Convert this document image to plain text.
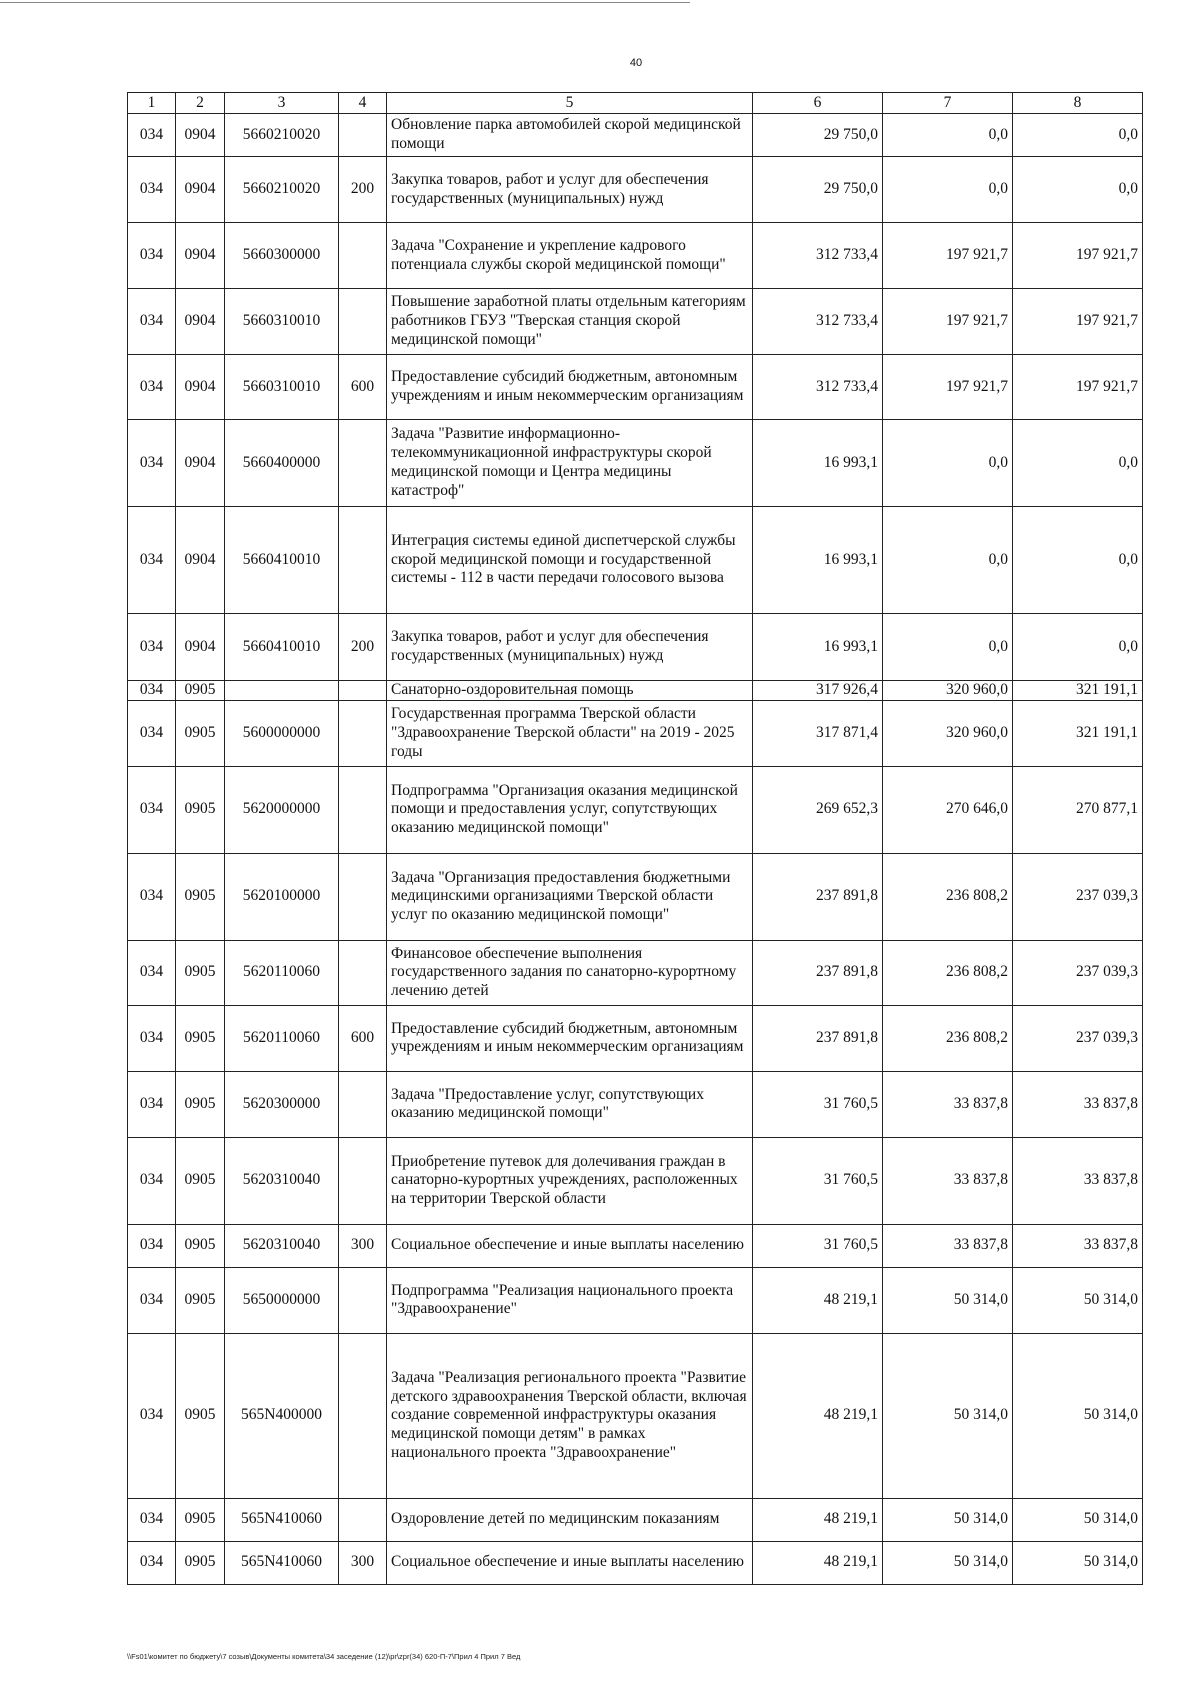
40
1	2	3	4	5	6	7	8
034	0904	5660210020		Обновление парка автомобилей скорой медицинской помощи	29 750,0	0,0	0,0
034	0904	5660210020	200	Закупка товаров, работ и услуг для обеспечения государственных (муниципальных) нужд	29 750,0	0,0	0,0
034	0904	5660300000		Задача "Сохранение и укрепление кадрового потенциала службы скорой медицинской помощи"	312 733,4	197 921,7	197 921,7
034	0904	5660310010		Повышение заработной платы отдельным категориям работников ГБУЗ "Тверская станция скорой медицинской помощи"	312 733,4	197 921,7	197 921,7
034	0904	5660310010	600	Предоставление субсидий бюджетным, автономным учреждениям и иным некоммерческим организациям	312 733,4	197 921,7	197 921,7
034	0904	5660400000		Задача "Развитие информационно-телекоммуникационной инфраструктуры скорой медицинской помощи и Центра медицины катастроф"	16 993,1	0,0	0,0
034	0904	5660410010		Интеграция системы единой диспетчерской службы скорой медицинской помощи и государственной системы - 112 в части передачи голосового вызова	16 993,1	0,0	0,0
034	0904	5660410010	200	Закупка товаров, работ и услуг для обеспечения государственных (муниципальных) нужд	16 993,1	0,0	0,0
034	0905			Санаторно-оздоровительная помощь	317 926,4	320 960,0	321 191,1
034	0905	5600000000		Государственная программа Тверской области "Здравоохранение Тверской области" на 2019 - 2025 годы	317 871,4	320 960,0	321 191,1
034	0905	5620000000		Подпрограмма "Организация оказания медицинской помощи и предоставления услуг, сопутствующих оказанию медицинской помощи"	269 652,3	270 646,0	270 877,1
034	0905	5620100000		Задача "Организация предоставления бюджетными медицинскими организациями Тверской области услуг по оказанию медицинской помощи"	237 891,8	236 808,2	237 039,3
034	0905	5620110060		Финансовое обеспечение выполнения государственного задания по санаторно-курортному лечению детей	237 891,8	236 808,2	237 039,3
034	0905	5620110060	600	Предоставление субсидий бюджетным, автономным учреждениям и иным некоммерческим организациям	237 891,8	236 808,2	237 039,3
034	0905	5620300000		Задача "Предоставление услуг, сопутствующих оказанию медицинской помощи"	31 760,5	33 837,8	33 837,8
034	0905	5620310040		Приобретение путевок для долечивания граждан в санаторно-курортных учреждениях, расположенных на территории Тверской области	31 760,5	33 837,8	33 837,8
034	0905	5620310040	300	Социальное обеспечение и иные выплаты населению	31 760,5	33 837,8	33 837,8
034	0905	5650000000		Подпрограмма "Реализация национального проекта "Здравоохранение"	48 219,1	50 314,0	50 314,0
034	0905	565N400000		Задача "Реализация регионального проекта "Развитие детского здравоохранения Тверской области, включая создание современной инфраструктуры оказания медицинской помощи детям" в рамках национального проекта "Здравоохранение"	48 219,1	50 314,0	50 314,0
034	0905	565N410060		Оздоровление детей по медицинским показаниям	48 219,1	50 314,0	50 314,0
034	0905	565N410060	300	Социальное обеспечение и иные выплаты населению	48 219,1	50 314,0	50 314,0
\\Fs01\комитет по бюджету\7 созыв\Документы комитета\34 заседение (12)\pr\zpr(34) 620-П-7\Прил 4 Прил 7 Вед
